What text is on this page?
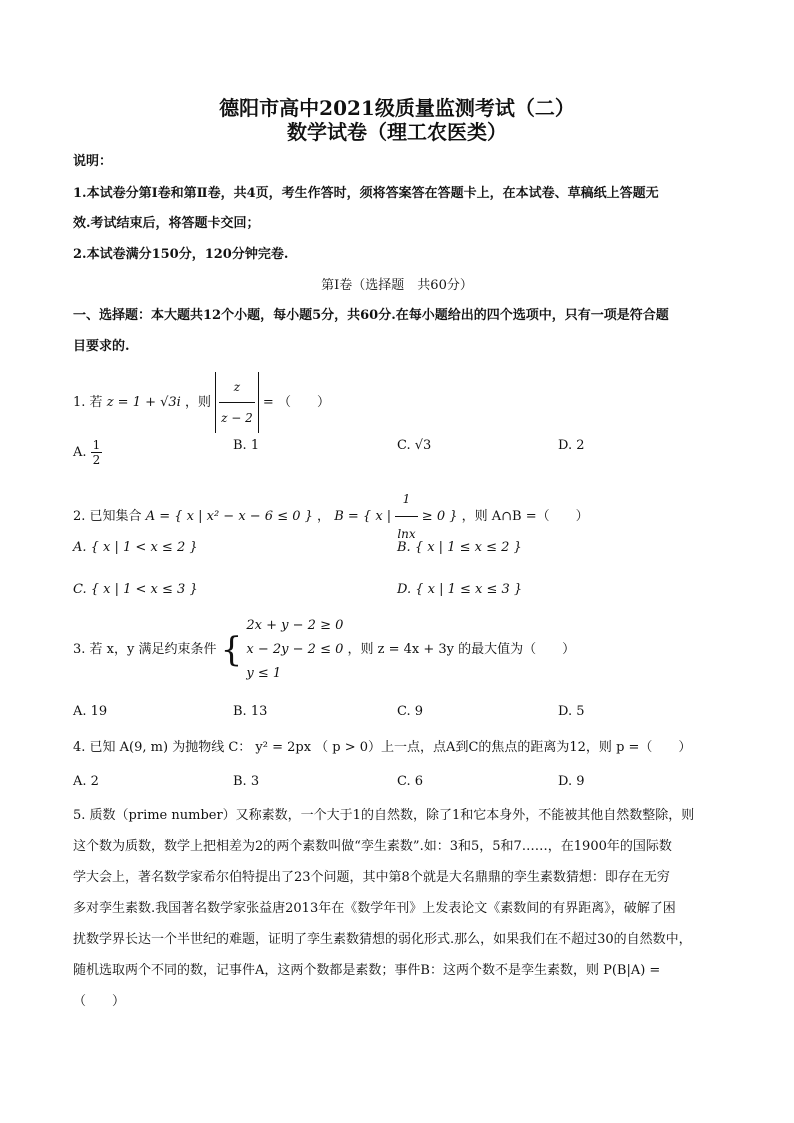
德阳市高中2021级质量监测考试（二）
数学试卷（理工农医类）
说明：
1.本试卷分第Ⅰ卷和第Ⅱ卷，共4页，考生作答时，须将答案答在答题卡上，在本试卷、草稿纸上答题无
效.考试结束后，将答题卡交回；
2.本试卷满分150分，120分钟完卷.
第Ⅰ卷（选择题　共60分）
一、选择题：本大题共12个小题，每小题5分，共60分.在每小题给出的四个选项中，只有一项是符合题
目要求的.
1. 若 z = 1 + √3i ，则 $\frac{z}{z - 2}$ = （　　）
A. $\frac{1}{2}$	B. 1	C. √3	D. 2
2. 已知集合 A = { x | x² − x − 6 ≤ 0 } ， B = { x | $\frac{1}{\ln x} \ge 0$ } ，则 A∩B =（　　）
A. { x | 1 < x ≤ 2 }	B. { x | 1 ≤ x ≤ 2 }
C. { x | 1 < x ≤ 3 }	D. { x | 1 ≤ x ≤ 3 }
3. 若 x，y 满足约束条件 {
2x + y − 2 ≥ 0
x − 2y − 2 ≤ 0
y ≤ 1
，则 z = 4x + 3y 的最大值为（　　）
A. 19	B. 13	C. 9	D. 5
4. 已知 A(9, m) 为抛物线 C： y² = 2px （ p > 0）上一点，点A到C的焦点的距离为12，则 p =（　　）
A. 2	B. 3	C. 6	D. 9
5. 质数（prime number）又称素数，一个大于1的自然数，除了1和它本身外，不能被其他自然数整除，则
这个数为质数，数学上把相差为2的两个素数叫做“孪生素数”.如：3和5，5和7……，在1900年的国际数
学大会上，著名数学家希尔伯特提出了23个问题，其中第8个就是大名鼎鼎的孪生素数猜想：即存在无穷
多对孪生素数.我国著名数学家张益唐2013年在《数学年刊》上发表论文《素数间的有界距离》，破解了困
扰数学界长达一个半世纪的难题，证明了孪生素数猜想的弱化形式.那么，如果我们在不超过30的自然数中，
随机选取两个不同的数，记事件A，这两个数都是素数；事件B：这两个数不是孪生素数，则 P(B|A) =
（　　）
